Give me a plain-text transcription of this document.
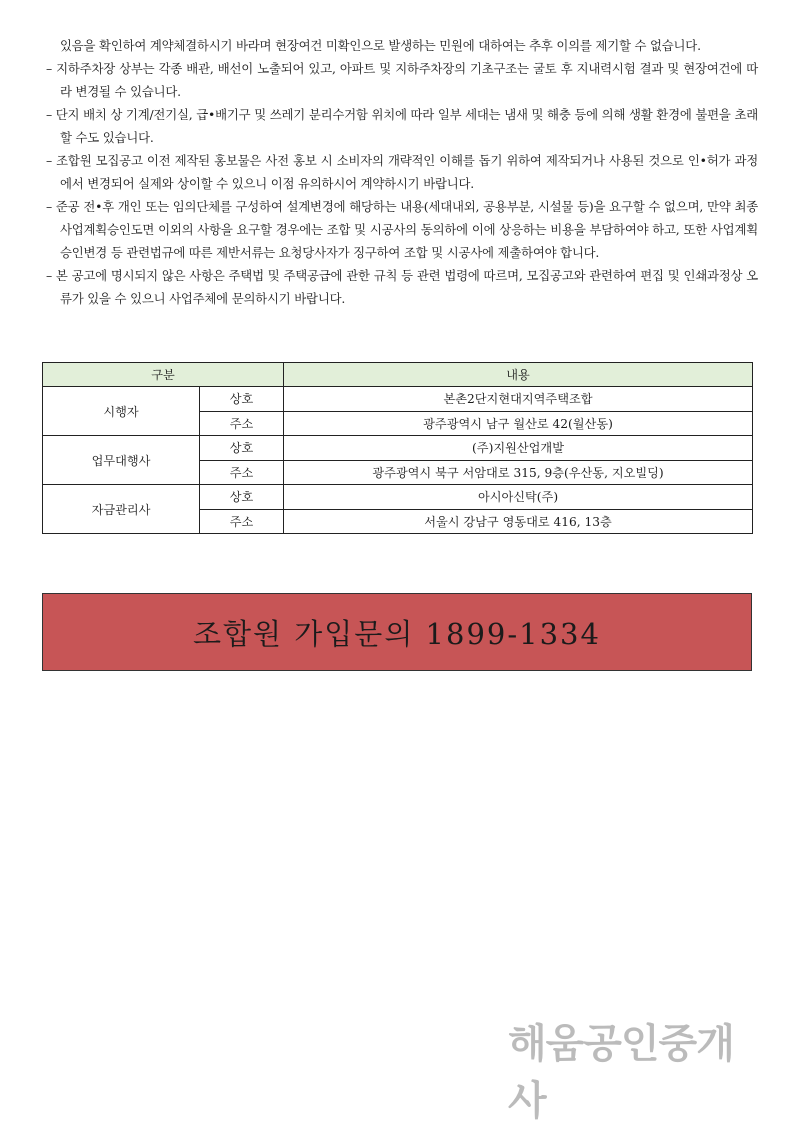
있음을 확인하여 계약체결하시기 바라며 현장여건 미확인으로 발생하는 민원에 대하여는 추후 이의를 제기할 수 없습니다.

– 지하주차장 상부는 각종 배관, 배선이 노출되어 있고, 아파트 및 지하주차장의 기초구조는 굴토 후 지내력시험 결과 및 현장여건에 따라 변경될 수 있습니다.

– 단지 배치 상 기계/전기실, 급•배기구 및 쓰레기 분리수거함 위치에 따라 일부 세대는 냄새 및 해충 등에 의해 생활 환경에 불편을 초래할 수도 있습니다.

– 조합원 모집공고 이전 제작된 홍보물은 사전 홍보 시 소비자의 개략적인 이해를 돕기 위하여 제작되거나 사용된 것으로 인•허가 과정에서 변경되어 실제와 상이할 수 있으니 이점 유의하시어 계약하시기 바랍니다.

– 준공 전•후 개인 또는 임의단체를 구성하여 설계변경에 해당하는 내용(세대내외, 공용부분, 시설물 등)을 요구할 수 없으며, 만약 최종사업계획승인도면 이외의 사항을 요구할 경우에는 조합 및 시공사의 동의하에 이에 상응하는 비용을 부담하여야 하고, 또한 사업계획승인변경 등 관련법규에 따른 제반서류는 요청당사자가 징구하여 조합 및 시공사에 제출하여야 합니다.

– 본 공고에 명시되지 않은 사항은 주택법 및 주택공급에 관한 규칙 등 관련 법령에 따르며, 모집공고와 관련하여 편집 및 인쇄과정상 오류가 있을 수 있으니 사업주체에 문의하시기 바랍니다.

구분		내용
시행자	상호	본촌2단지현대지역주택조합
	주소	광주광역시 남구 월산로 42(월산동)
업무대행사	상호	(주)지원산업개발
	주소	광주광역시 북구 서암대로 315, 9층(우산동, 지오빌딩)
자금관리사	상호	아시아신탁(주)
	주소	서울시 강남구 영동대로 416, 13층
조합원 가입문의 1899-1334
해움공인중개사
